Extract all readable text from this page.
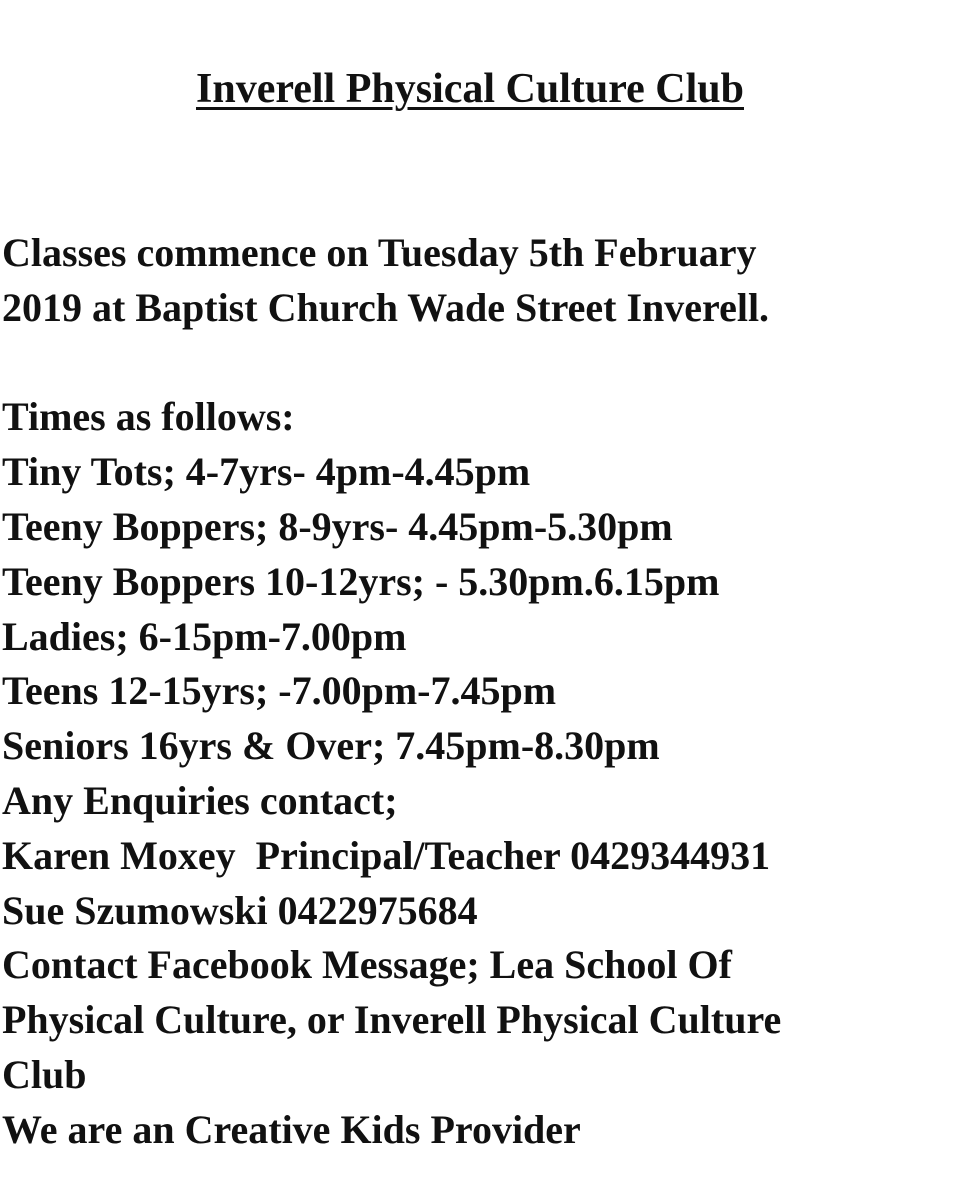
Inverell Physical Culture Club
Classes commence on Tuesday 5th February
2019 at Baptist Church Wade Street Inverell.
Times as follows:
Tiny Tots; 4-7yrs- 4pm-4.45pm
Teeny Boppers; 8-9yrs- 4.45pm-5.30pm
Teeny Boppers 10-12yrs; - 5.30pm.6.15pm
Ladies; 6-15pm-7.00pm
Teens 12-15yrs; -7.00pm-7.45pm
Seniors 16yrs & Over; 7.45pm-8.30pm
Any Enquiries contact;
Karen Moxey  Principal/Teacher 0429344931
Sue Szumowski 0422975684
Contact Facebook Message; Lea School Of
Physical Culture, or Inverell Physical Culture
Club
We are an Creative Kids Provider
